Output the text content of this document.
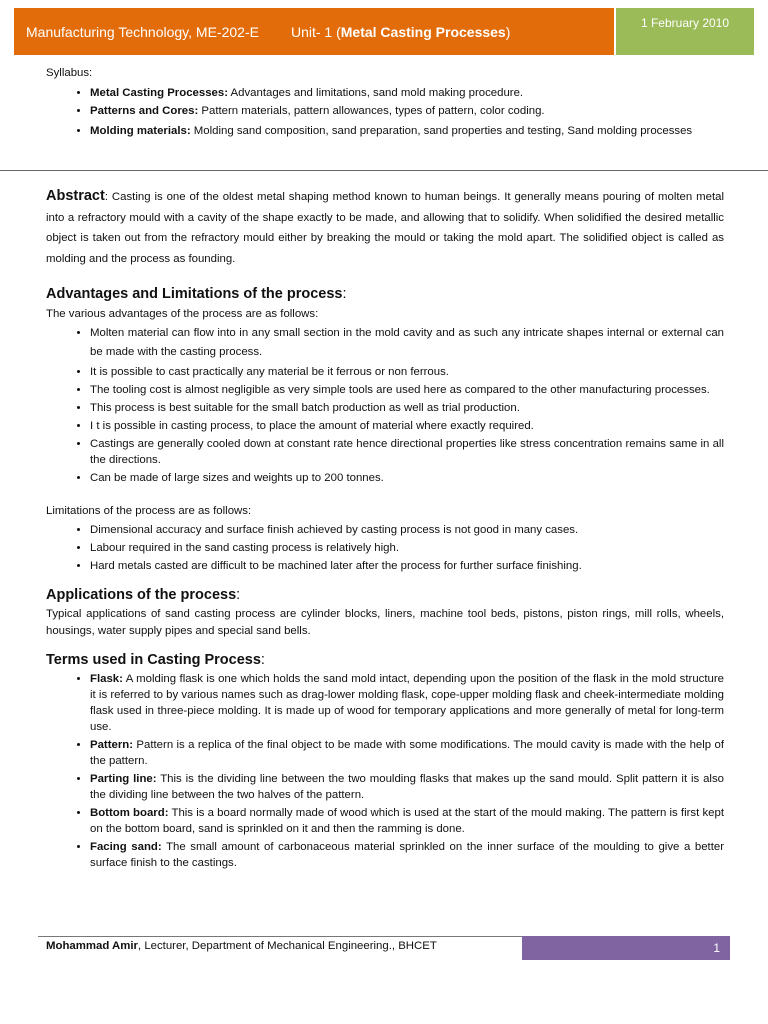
Manufacturing Technology, ME-202-E Unit- 1 (Metal Casting Processes)
1 February 2010
Syllabus:
• Metal Casting Processes: Advantages and limitations, sand mold making procedure.
• Patterns and Cores: Pattern materials, pattern allowances, types of pattern, color coding.
• Molding materials: Molding sand composition, sand preparation, sand properties and testing, Sand molding processes

Abstract: Casting is one of the oldest metal shaping method known to human beings. It generally means pouring of molten metal into a refractory mould with a cavity of the shape exactly to be made, and allowing that to solidify. When solidified the desired metallic object is taken out from the refractory mould either by breaking the mould or taking the mold apart. The solidified object is called as molding and the process as founding.

Advantages and Limitations of the process:

The various advantages of the process are as follows:

• Molten material can flow into in any small section in the mold cavity and as such any intricate shapes internal or external can be made with the casting process.
• It is possible to cast practically any material be it ferrous or non ferrous.
• The tooling cost is almost negligible as very simple tools are used here as compared to the other manufacturing processes.
• This process is best suitable for the small batch production as well as trial production.
• I t is possible in casting process, to place the amount of material where exactly required.
• Castings are generally cooled down at constant rate hence directional properties like stress concentration remains same in all the directions.
• Can be made of large sizes and weights up to 200 tonnes.

Limitations of the process are as follows:

• Dimensional accuracy and surface finish achieved by casting process is not good in many cases.
• Labour required in the sand casting process is relatively high.
• Hard metals casted are difficult to be machined later after the process for further surface finishing.
Applications of the process:

Typical applications of sand casting process are cylinder blocks, liners, machine tool beds, pistons, piston rings, mill rolls, wheels, housings, water supply pipes and special sand bells.

Terms used in Casting Process:
• Flask: A molding flask is one which holds the sand mold intact, depending upon the position of the flask in the mold structure it is referred to by various names such as drag-lower molding flask, cope-upper molding flask and cheek-intermediate molding flask used in three-piece molding. It is made up of wood for temporary applications and more generally of metal for long-term use.
• Pattern: Pattern is a replica of the final object to be made with some modifications. The mould cavity is made with the help of the pattern.
• Parting line: This is the dividing line between the two moulding flasks that makes up the sand mould. Split pattern it is also the dividing line between the two halves of the pattern.
• Bottom board: This is a board normally made of wood which is used at the start of the mould making. The pattern is first kept on the bottom board, sand is sprinkled on it and then the ramming is done.
• Facing sand: The small amount of carbonaceous material sprinkled on the inner surface of the moulding to give a better surface finish to the castings.
Mohammad Amir, Lecturer, Department of Mechanical Engineering., BHCET	1
